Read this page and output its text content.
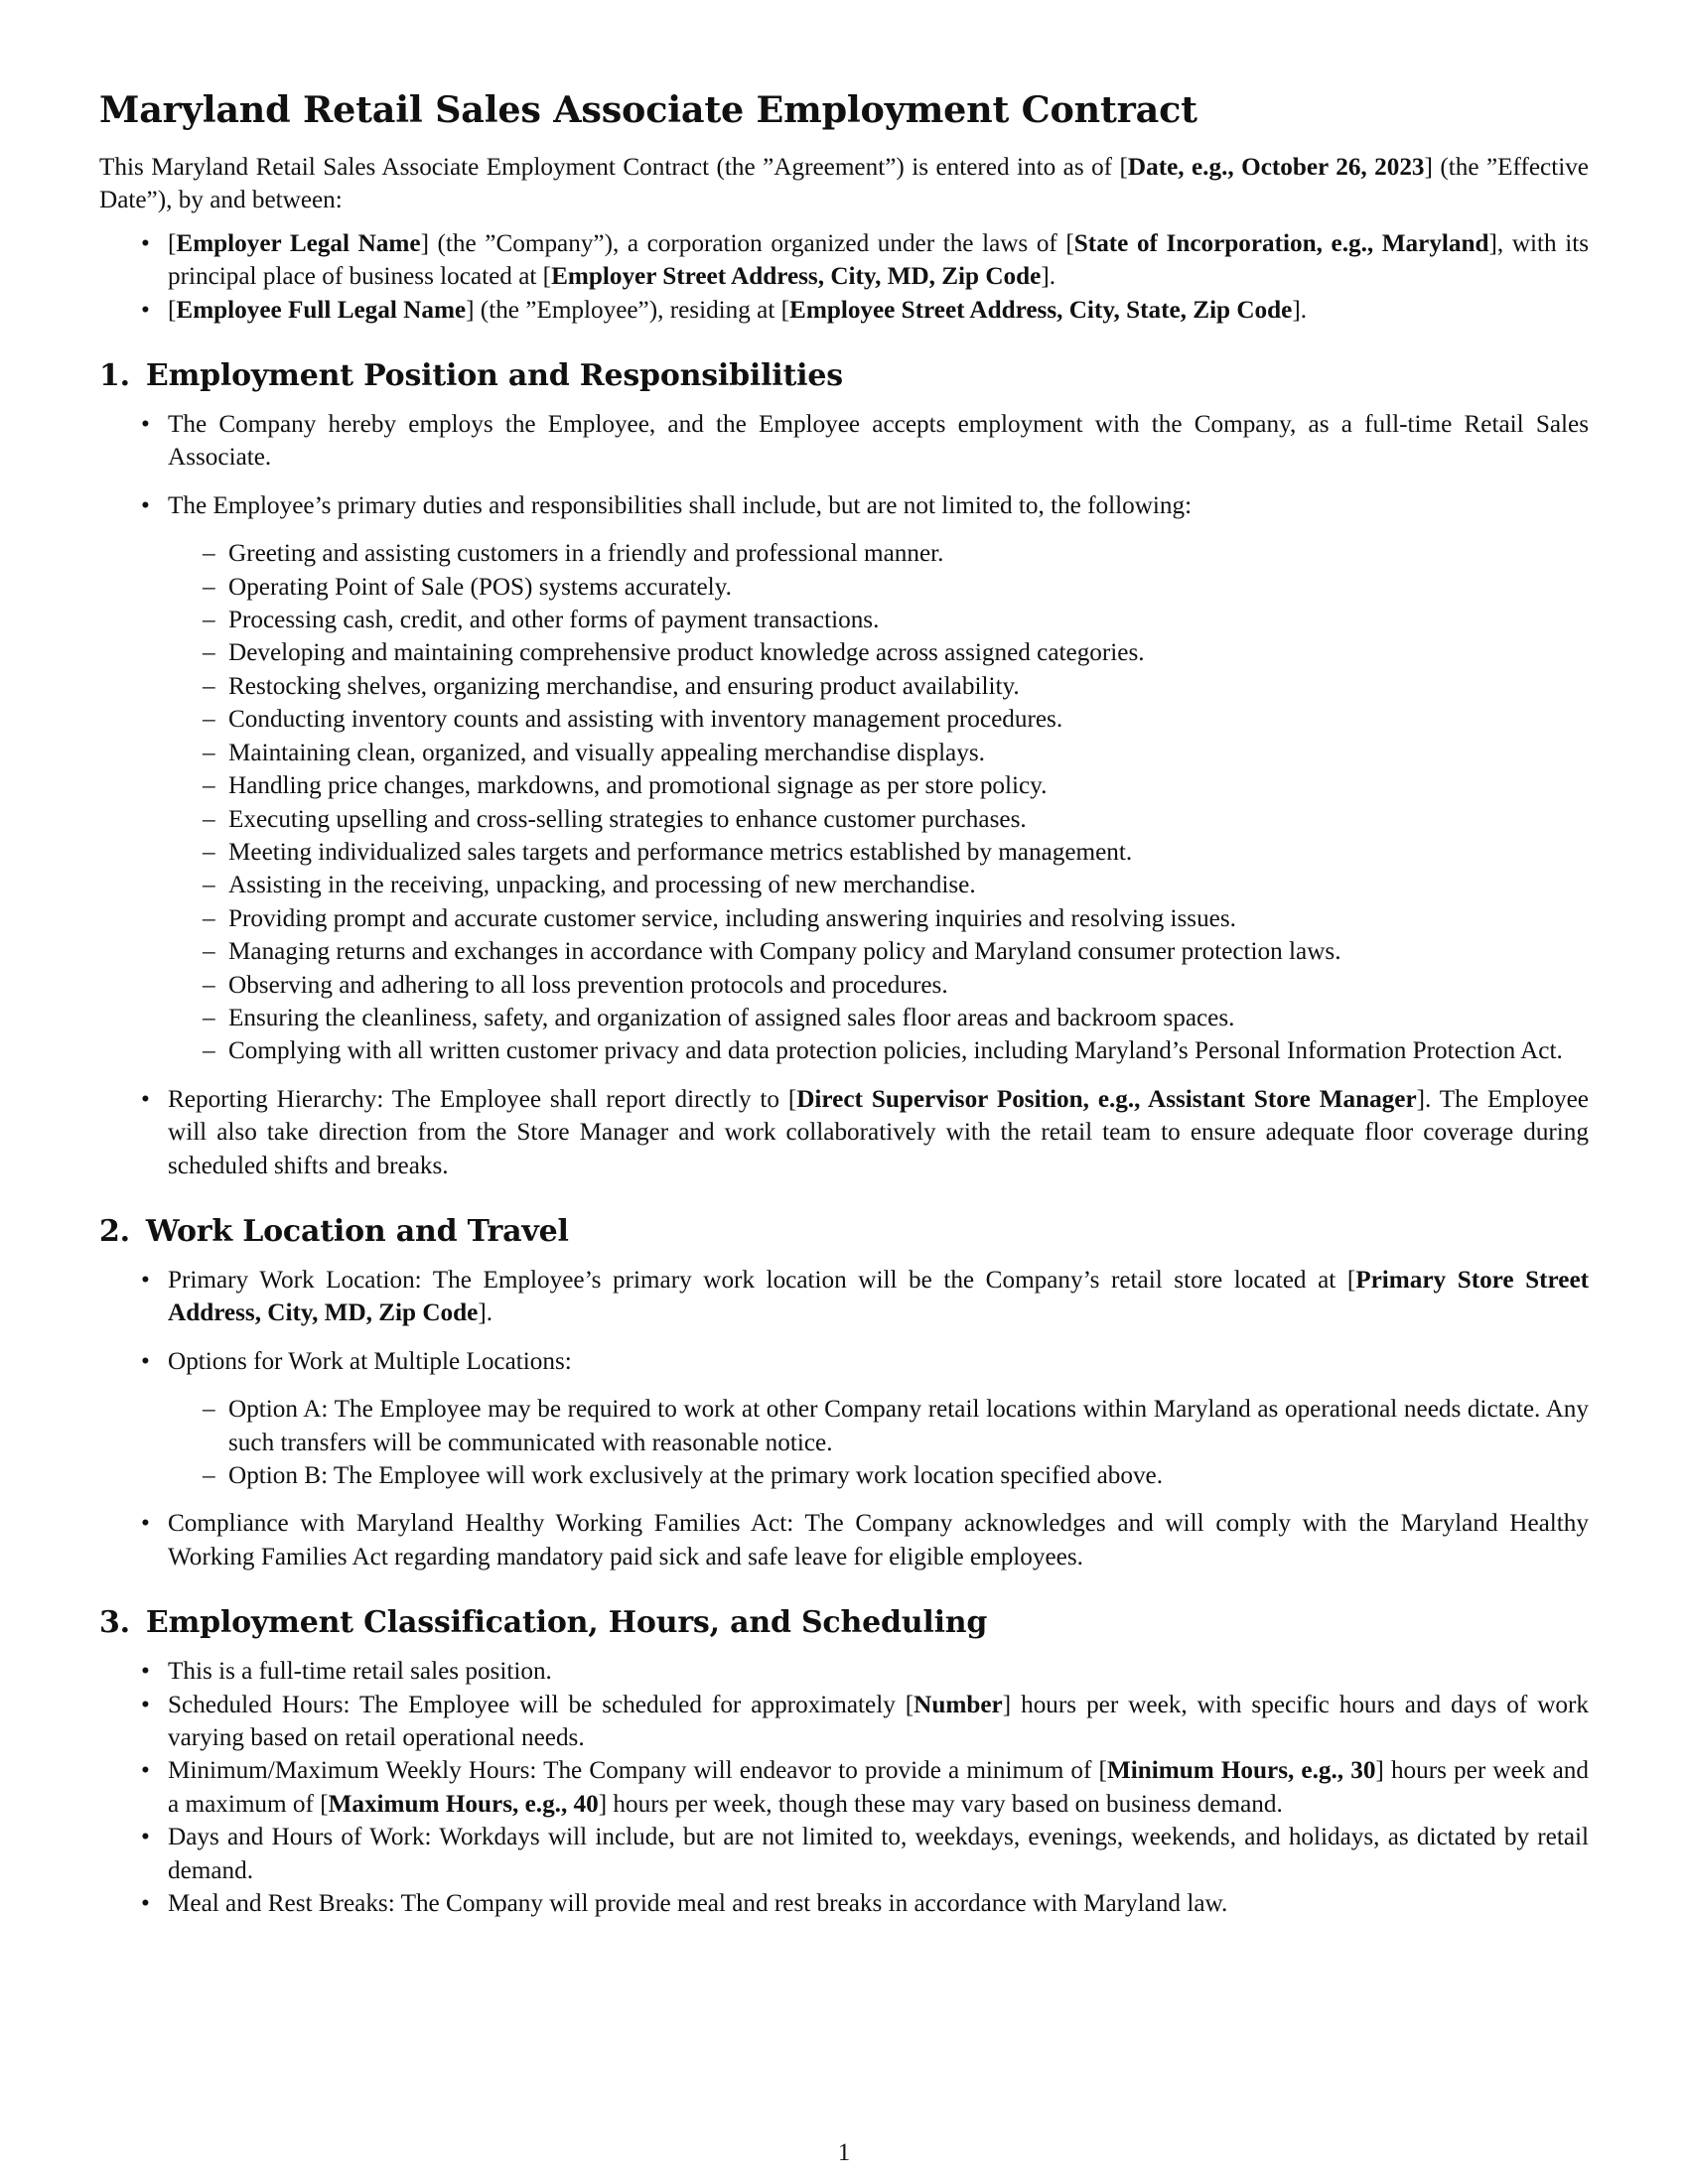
Maryland Retail Sales Associate Employment Contract

This Maryland Retail Sales Associate Employment Contract (the ”Agreement”) is entered into as of [Date, e.g., October 26, 2023] (the ”Effective Date”), by and between:

• [Employer Legal Name] (the ”Company”), a corporation organized under the laws of [State of Incorporation, e.g., Maryland], with its principal place of business located at [Employer Street Address, City, MD, Zip Code].
• [Employee Full Legal Name] (the ”Employee”), residing at [Employee Street Address, City, State, Zip Code].
1. Employment Position and Responsibilities
• The Company hereby employs the Employee, and the Employee accepts employment with the Company, as a full-time Retail Sales Associate.
• The Employee’s primary duties and responsibilities shall include, but are not limited to, the following:
– Greeting and assisting customers in a friendly and professional manner.
– Operating Point of Sale (POS) systems accurately.
– Processing cash, credit, and other forms of payment transactions.
– Developing and maintaining comprehensive product knowledge across assigned categories.
– Restocking shelves, organizing merchandise, and ensuring product availability.
– Conducting inventory counts and assisting with inventory management procedures.
– Maintaining clean, organized, and visually appealing merchandise displays.
– Handling price changes, markdowns, and promotional signage as per store policy.
– Executing upselling and cross-selling strategies to enhance customer purchases.
– Meeting individualized sales targets and performance metrics established by management.
– Assisting in the receiving, unpacking, and processing of new merchandise.
– Providing prompt and accurate customer service, including answering inquiries and resolving issues.
– Managing returns and exchanges in accordance with Company policy and Maryland consumer protection laws.
– Observing and adhering to all loss prevention protocols and procedures.
– Ensuring the cleanliness, safety, and organization of assigned sales floor areas and backroom spaces.
– Complying with all written customer privacy and data protection policies, including Maryland’s Personal Information Protection Act.
• Reporting Hierarchy: The Employee shall report directly to [Direct Supervisor Position, e.g., Assistant Store Manager]. The Employee will also take direction from the Store Manager and work collaboratively with the retail team to ensure adequate floor coverage during scheduled shifts and breaks.
2. Work Location and Travel
• Primary Work Location: The Employee’s primary work location will be the Company’s retail store located at [Primary Store Street Address, City, MD, Zip Code].
• Options for Work at Multiple Locations:
– Option A: The Employee may be required to work at other Company retail locations within Maryland as operational needs dictate. Any such transfers will be communicated with reasonable notice.
– Option B: The Employee will work exclusively at the primary work location specified above.
• Compliance with Maryland Healthy Working Families Act: The Company acknowledges and will comply with the Maryland Healthy Working Families Act regarding mandatory paid sick and safe leave for eligible employees.
3. Employment Classification, Hours, and Scheduling
• This is a full-time retail sales position.
• Scheduled Hours: The Employee will be scheduled for approximately [Number] hours per week, with specific hours and days of work varying based on retail operational needs.
• Minimum/Maximum Weekly Hours: The Company will endeavor to provide a minimum of [Minimum Hours, e.g., 30] hours per week and a maximum of [Maximum Hours, e.g., 40] hours per week, though these may vary based on business demand.
• Days and Hours of Work: Workdays will include, but are not limited to, weekdays, evenings, weekends, and holidays, as dictated by retail demand.
• Meal and Rest Breaks: The Company will provide meal and rest breaks in accordance with Maryland law.
1
